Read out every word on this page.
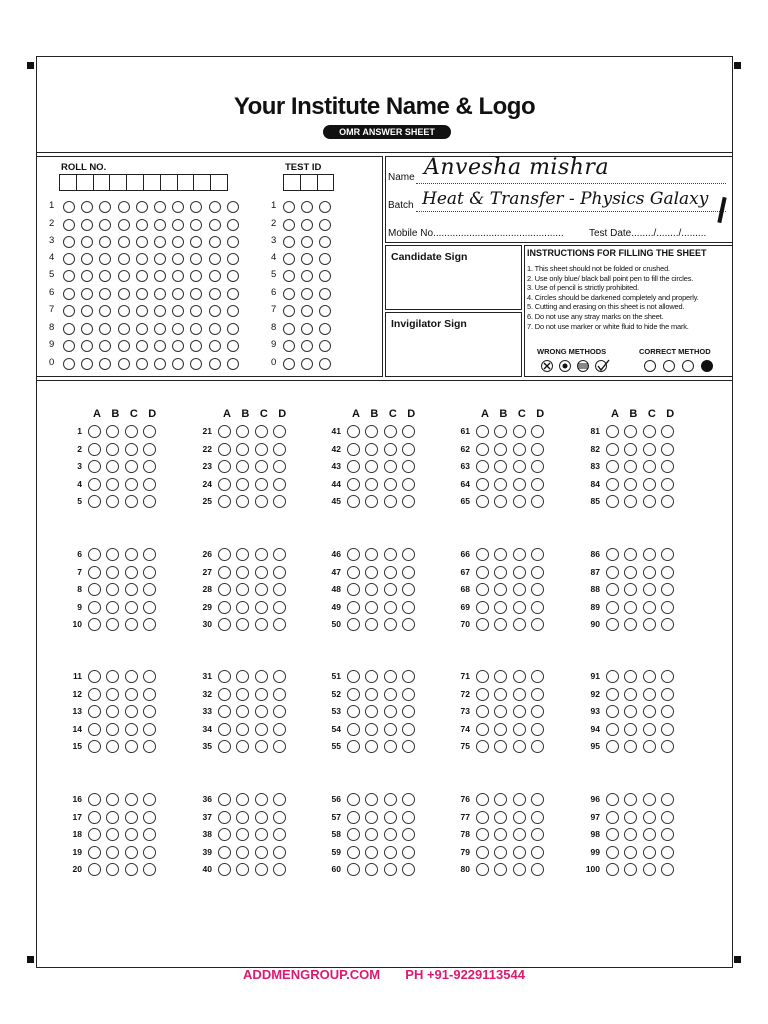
Your Institute Name & Logo
OMR ANSWER SHEET
ROLL NO.	TEST ID
1
2
3
4
5
6
7
8
9
0
1
2
3
4
5
6
7
8
9
0
Name Anvesha mishra
Batch Heat & Transfer - Physics Galaxy
Mobile No...............................................	Test Date......../......../.........
Candidate Sign
Invigilator Sign
INSTRUCTIONS FOR FILLING THE SHEET
1. This sheet should not be folded or crushed.
2. Use only blue/ black ball point pen to fill the circles.
3. Use of pencil is strictly prohibited.
4. Circles should be darkened completely and properly.
5. Cutting and erasing on this sheet is not allowed.
6. Do not use any stray marks on the sheet.
7. Do not use marker or white fluid to hide the mark.
WRONG METHODS	CORRECT METHOD
A B C D
1
2
3
4
5
6
7
8
9
10
11
12
13
14
15
16
17
18
19
20
A B C D
21
22
23
24
25
26
27
28
29
30
31
32
33
34
35
36
37
38
39
40
A B C D
41
42
43
44
45
46
47
48
49
50
51
52
53
54
55
56
57
58
59
60
A B C D
61
62
63
64
65
66
67
68
69
70
71
72
73
74
75
76
77
78
79
80
A B C D
81
82
83
84
85
86
87
88
89
90
91
92
93
94
95
96
97
98
99
100
ADDMENGROUP.COM PH +91-9229113544
